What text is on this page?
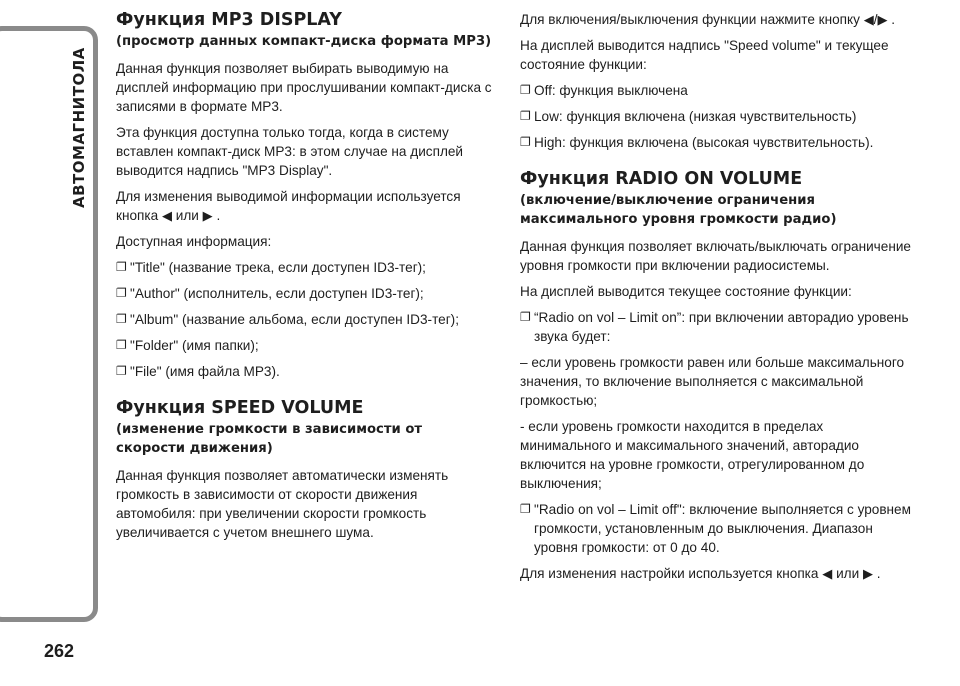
АВТОМАГНИТОЛА
262
Функция MP3 DISPLAY
(просмотр данных компакт-диска формата MP3)

Данная функция позволяет выбирать выводимую на дисплей информацию при прослушивании компакт-диска с записями в формате MP3.

Эта функция доступна только тогда, когда в систему вставлен компакт-диск MP3: в этом случае на дисплей выводится надпись "MP3 Display".

Для изменения выводимой информации используется кнопка ◀ или ▶ .

Доступная информация:

❐ "Title" (название трека, если доступен ID3-тег);
❐ "Author" (исполнитель, если доступен ID3-тег);
❐ "Album" (название альбома, если доступен ID3-тег);
❐ "Folder" (имя папки);
❐ "File" (имя файла MP3).
Функция SPEED VOLUME
(изменение громкости в зависимости от скорости движения)

Данная функция позволяет автоматически изменять громкость в зависимости от скорости движения автомобиля: при увеличении скорости громкость увеличивается с учетом внешнего шума.

Для включения/выключения функции нажмите кнопку ◀/▶ .

На дисплей выводится надпись "Speed volume" и текущее состояние функции:

❐ Off: функция выключена
❐ Low: функция включена (низкая чувствительность)
❐ High: функция включена (высокая чувствительность).
Функция RADIO ON VOLUME
(включение/выключение ограничения максимального уровня громкости радио)

Данная функция позволяет включать/выключать ограничение уровня громкости при включении радиосистемы.

На дисплей выводится текущее состояние функции:

❐ “Radio on vol – Limit on”: при включении авторадио уровень звука будет:

– если уровень громкости равен или больше максимального значения, то включение выполняется с максимальной громкостью;

- если уровень громкости находится в пределах минимального и максимального значений, авторадио включится на уровне громкости, отрегулированном до выключения;

❐ "Radio on vol – Limit off": включение выполняется с уровнем громкости, установленным до выключения. Диапазон уровня громкости: от 0 до 40.

Для изменения настройки используется кнопка ◀ или ▶ .
